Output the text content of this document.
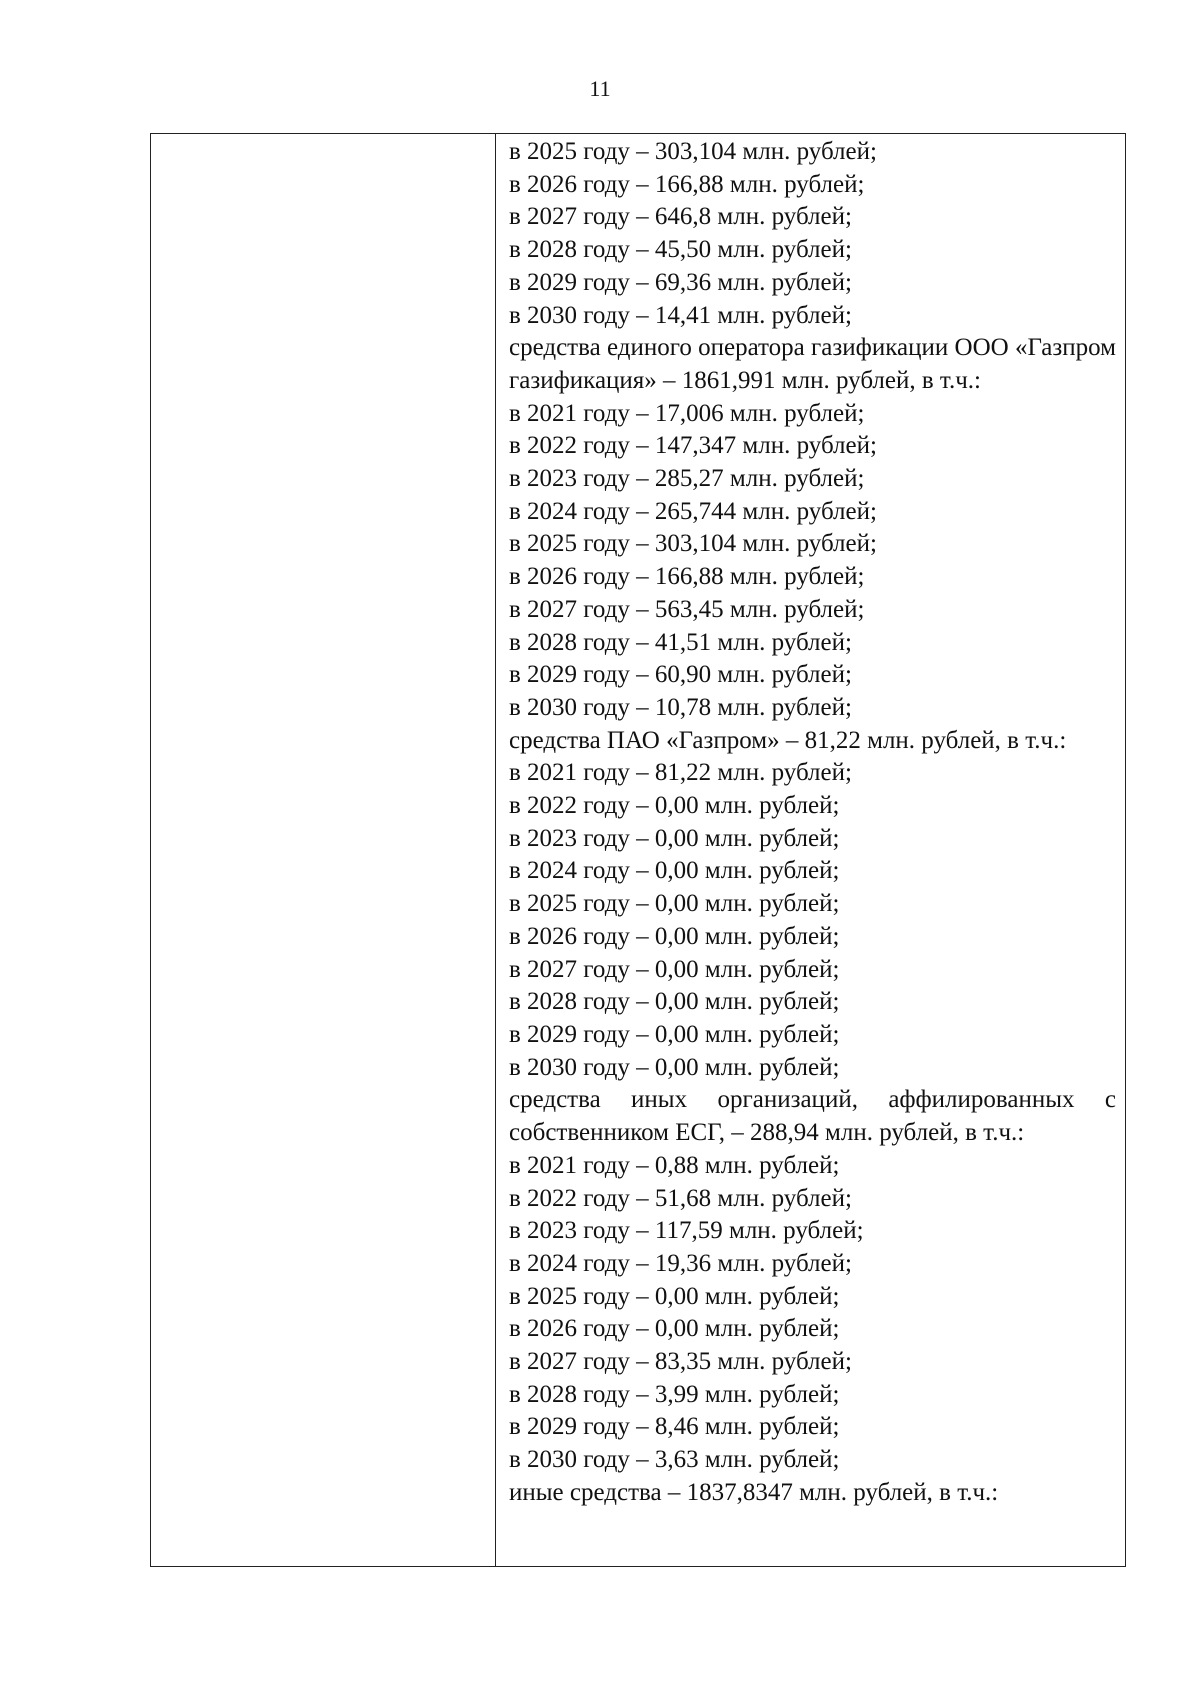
11
в 2025 году – 303,104 млн. рублей;
в 2026 году – 166,88 млн. рублей;
в 2027 году – 646,8 млн. рублей;
в 2028 году – 45,50 млн. рублей;
в 2029 году – 69,36 млн. рублей;
в 2030 году – 14,41 млн. рублей;
средства единого оператора газификации ООО «Газпром газификация» – 1861,991 млн. рублей, в т.ч.:
в 2021 году – 17,006 млн. рублей;
в 2022 году – 147,347 млн. рублей;
в 2023 году – 285,27 млн. рублей;
в 2024 году – 265,744 млн. рублей;
в 2025 году – 303,104 млн. рублей;
в 2026 году – 166,88 млн. рублей;
в 2027 году – 563,45 млн. рублей;
в 2028 году – 41,51 млн. рублей;
в 2029 году – 60,90 млн. рублей;
в 2030 году – 10,78 млн. рублей;
средства ПАО «Газпром» – 81,22 млн. рублей, в т.ч.:
в 2021 году – 81,22 млн. рублей;
в 2022 году – 0,00 млн. рублей;
в 2023 году – 0,00 млн. рублей;
в 2024 году – 0,00 млн. рублей;
в 2025 году – 0,00 млн. рублей;
в 2026 году – 0,00 млн. рублей;
в 2027 году – 0,00 млн. рублей;
в 2028 году – 0,00 млн. рублей;
в 2029 году – 0,00 млн. рублей;
в 2030 году – 0,00 млн. рублей;
средства иных организаций, аффилированных с собственником ЕСГ, – 288,94 млн. рублей, в т.ч.:
в 2021 году – 0,88 млн. рублей;
в 2022 году – 51,68 млн. рублей;
в 2023 году – 117,59 млн. рублей;
в 2024 году – 19,36 млн. рублей;
в 2025 году – 0,00 млн. рублей;
в 2026 году – 0,00 млн. рублей;
в 2027 году – 83,35 млн. рублей;
в 2028 году – 3,99 млн. рублей;
в 2029 году – 8,46 млн. рублей;
в 2030 году – 3,63 млн. рублей;
иные средства – 1837,8347 млн. рублей, в т.ч.:
